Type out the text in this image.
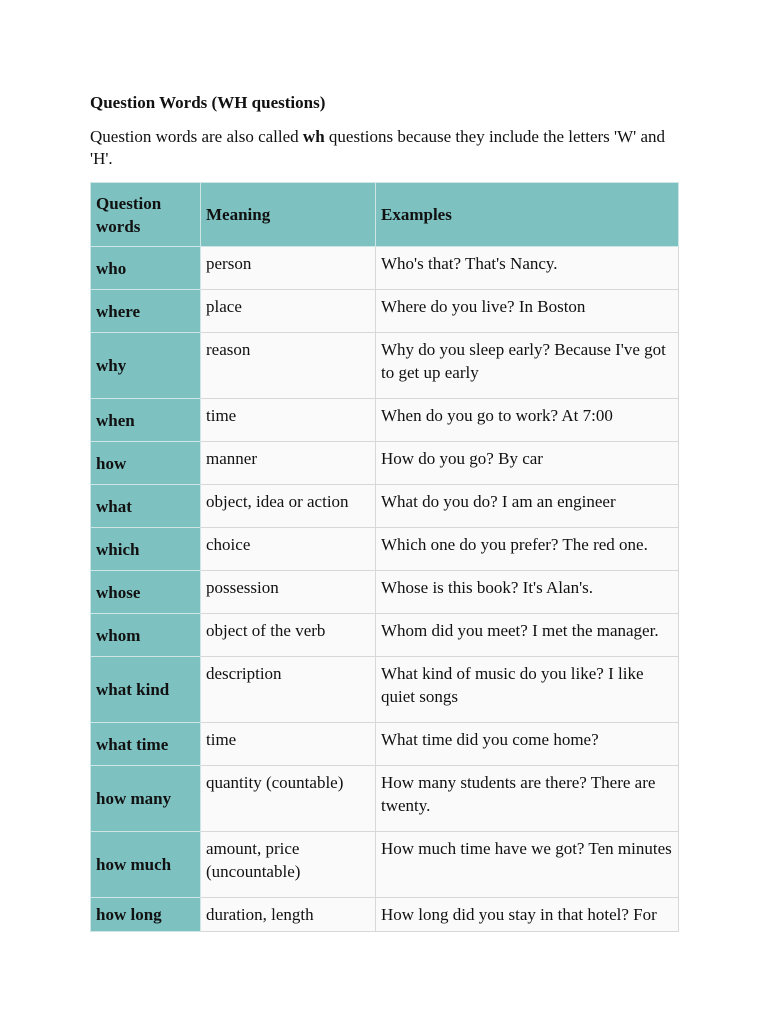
Question Words (WH questions)
Question words are also called wh questions because they include the letters 'W' and 'H'.
Question words	Meaning	Examples
who	person	Who's that? That's Nancy.
where	place	Where do you live? In Boston
why	reason	Why do you sleep early? Because I've got to get up early
when	time	When do you go to work? At 7:00
how	manner	How do you go? By car
what	object, idea or action	What do you do? I am an engineer
which	choice	Which one do you prefer? The red one.
whose	possession	Whose is this book? It's Alan's.
whom	object of the verb	Whom did you meet? I met the manager.
what kind	description	What kind of music do you like? I like quiet songs
what time	time	What time did you come home?
how many	quantity (countable)	How many students are there? There are twenty.
how much	amount, price (uncountable)	How much time have we got? Ten minutes
how long	duration, length	How long did you stay in that hotel? For
